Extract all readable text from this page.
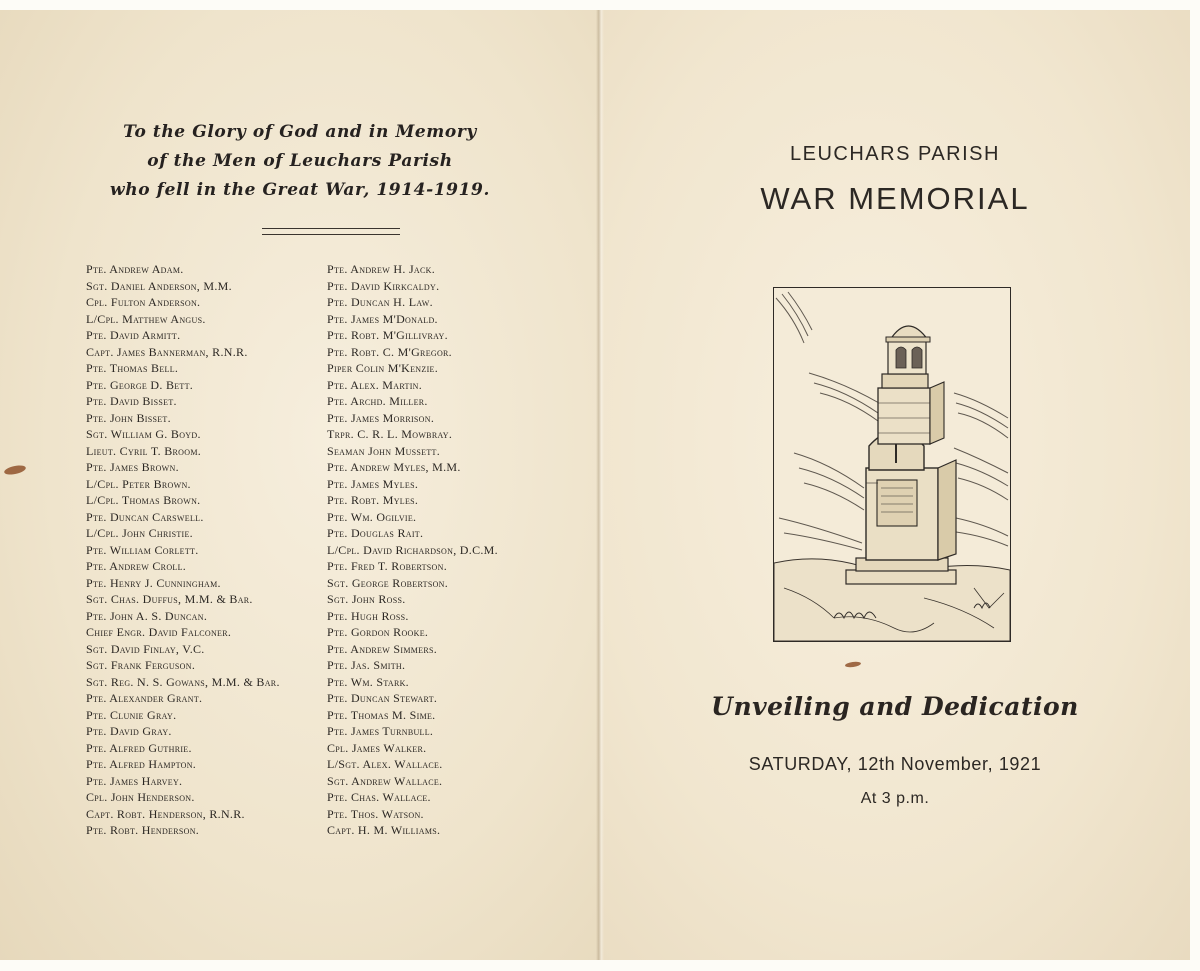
To the Glory of God and in Memory
of the Men of Leuchars Parish
who fell in the Great War, 1914-1919.
Pte. Andrew Adam.
Sgt. Daniel Anderson, M.M.
Cpl. Fulton Anderson.
L/Cpl. Matthew Angus.
Pte. David Armitt.
Capt. James Bannerman, R.N.R.
Pte. Thomas Bell.
Pte. George D. Bett.
Pte. David Bisset.
Pte. John Bisset.
Sgt. William G. Boyd.
Lieut. Cyril T. Broom.
Pte. James Brown.
L/Cpl. Peter Brown.
L/Cpl. Thomas Brown.
Pte. Duncan Carswell.
L/Cpl. John Christie.
Pte. William Corlett.
Pte. Andrew Croll.
Pte. Henry J. Cunningham.
Sgt. Chas. Duffus, M.M. & Bar.
Pte. John A. S. Duncan.
Chief Engr. David Falconer.
Sgt. David Finlay, V.C.
Sgt. Frank Ferguson.
Sgt. Reg. N. S. Gowans, M.M. & Bar.
Pte. Alexander Grant.
Pte. Clunie Gray.
Pte. David Gray.
Pte. Alfred Guthrie.
Pte. Alfred Hampton.
Pte. James Harvey.
Cpl. John Henderson.
Capt. Robt. Henderson, R.N.R.
Pte. Robt. Henderson.
Pte. Andrew H. Jack.
Pte. David Kirkcaldy.
Pte. Duncan H. Law.
Pte. James M'Donald.
Pte. Robt. M'Gillivray.
Pte. Robt. C. M'Gregor.
Piper Colin M'Kenzie.
Pte. Alex. Martin.
Pte. Archd. Miller.
Pte. James Morrison.
Trpr. C. R. L. Mowbray.
Seaman John Mussett.
Pte. Andrew Myles, M.M.
Pte. James Myles.
Pte. Robt. Myles.
Pte. Wm. Ogilvie.
Pte. Douglas Rait.
L/Cpl. David Richardson, D.C.M.
Pte. Fred T. Robertson.
Sgt. George Robertson.
Sgt. John Ross.
Pte. Hugh Ross.
Pte. Gordon Rooke.
Pte. Andrew Simmers.
Pte. Jas. Smith.
Pte. Wm. Stark.
Pte. Duncan Stewart.
Pte. Thomas M. Sime.
Pte. James Turnbull.
Cpl. James Walker.
L/Sgt. Alex. Wallace.
Sgt. Andrew Wallace.
Pte. Chas. Wallace.
Pte. Thos. Watson.
Capt. H. M. Williams.
LEUCHARS PARISH
WAR MEMORIAL
Unveiling and Dedication
SATURDAY, 12th November, 1921
At 3 p.m.
